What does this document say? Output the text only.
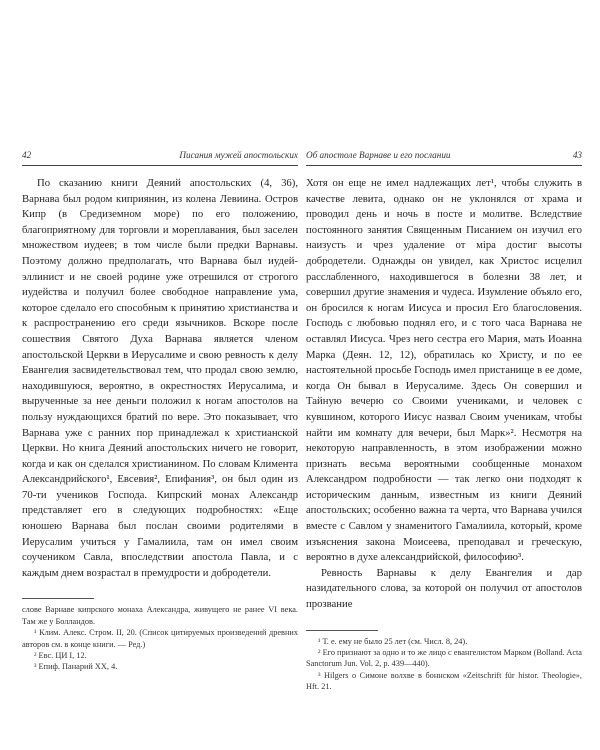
42	Писания мужей апостольских

По сказанию книги Деяний апостольских (4, 36), Варнава был родом киприянин, из колена Левиина. Остров Кипр (в Средиземном море) по его положению, благоприятному для торговли и мореплавания, был заселен множеством иудеев; в том числе были предки Варнавы. Поэтому должно предполагать, что Варнава был иудей-эллинист и не своей родине уже отрешился от строгого иудейства и получил более свободное направление ума, которое сделало его способным к принятию христианства и к распространению его среди язычников. Вскоре после сошествия Святого Духа Варнава является членом апостольской Церкви в Иерусалиме и свою ревность к делу Евангелия засвидетельствовал тем, что продал свою землю, находившуюся, вероятно, в окрестностях Иерусалима, и вырученные за нее деньги положил к ногам апостолов на пользу нуждающихся братий по вере. Это показывает, что Варнава уже с ранних пор принадлежал к христианской Церкви. Но книга Деяний апостольских ничего не говорит, когда и как он сделался христианином. По словам Климента Александрийского¹, Евсевия², Епифания³, он был один из 70-ти учеников Господа. Кипрский монах Александр представляет его в следующих подробностях: «Еще юношею Варнава был послан своими родителями в Иерусалим учиться у Гамалиила, там он имел своим соучеником Савла, впоследствии апостола Павла, и с каждым днем возрастал в премудрости и добродетели.

слове Варнаве кипрского монаха Александра, живущего не ранее VI века. Там же у Болландов.

¹ Клим. Алекс. Стром. II, 20. (Список цитируемых произведений древних авторов см. в конце книги. — Ред.)

² Евс. ЦИ I, 12.

³ Епиф. Панарий XX, 4.

Об апостоле Варнаве и его послании	43

Хотя он еще не имел надлежащих лет¹, чтобы служить в качестве левита, однако он не уклонялся от храма и проводил день и ночь в посте и молитве. Вследствие постоянного занятия Священным Писанием он изучил его наизусть и чрез удаление от міра достиг высоты добродетели. Однажды он увидел, как Христос исцелил расслабленного, находившегося в болезни 38 лет, и совершил другие знамения и чудеса. Изумление объяло его, он бросился к ногам Иисуса и просил Его благословения. Господь с любовью поднял его, и с того часа Варнава не оставлял Иисуса. Чрез него сестра его Мария, мать Иоанна Марка (Деян. 12, 12), обратилась ко Христу, и по ее настоятельной просьбе Господь имел пристанище в ее доме, когда Он бывал в Иерусалиме. Здесь Он совершил и Тайную вечерю со Своими учениками, и человек с кувшином, которого Иисус назвал Своим ученикам, чтобы найти им комнату для вечери, был Марк»². Несмотря на некоторую направленность, в этом изображении можно признать весьма вероятными сообщенные монахом Александром подробности — так легко они подходят к историческим данным, известным из книги Деяний апостольских; особенно важна та черта, что Варнава учился вместе с Савлом у знаменитого Гамалиила, который, кроме изъяснения закона Моисеева, преподавал и греческую, вероятно в духе александрийской, философию³.

Ревность Варнавы к делу Евангелия и дар назидательного слова, за которой он получил от апостолов прозвание

¹ Т. е. ему не было 25 лет (см. Числ. 8, 24).

² Его признают за одно и то же лицо с евангелистом Марком (Bolland. Acta Sanctorum Jun. Vol. 2, p. 439—440).

³ Hilgers о Симоне волхве в боннском «Zeitschrift für histor. Theologie», Hft. 21.
